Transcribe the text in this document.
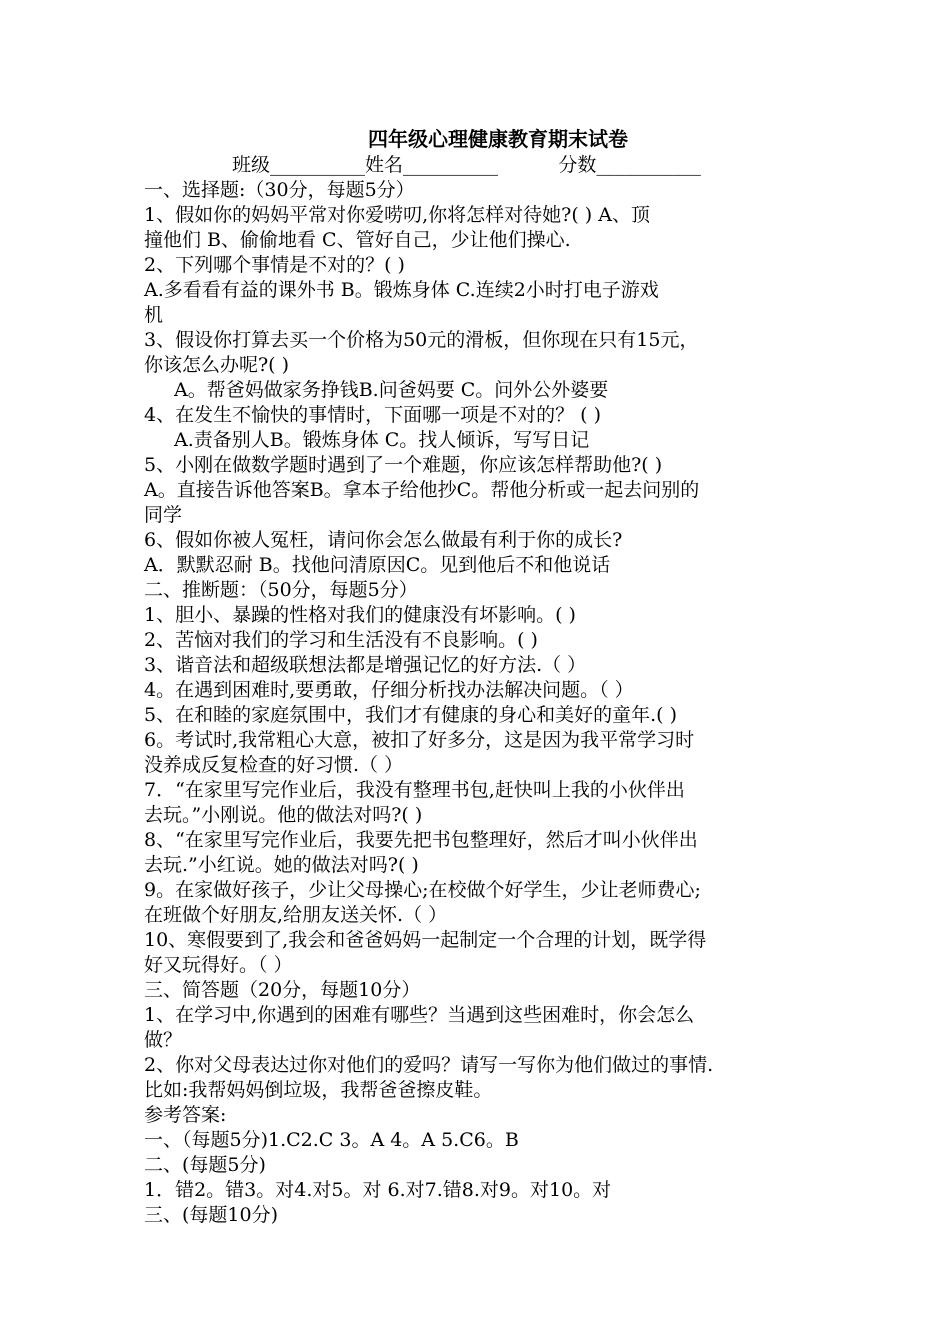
四年级心理健康教育期末试卷
班级__________姓名__________          分数___________
一、选择题:（30分，每题5分）
1、假如你的妈妈平常对你爱唠叨,你将怎样对待她?( ) A、顶
撞他们 B、偷偷地看 C、管好自己，少让他们操心.
2、下列哪个事情是不对的？( )
A.多看看有益的课外书 B。锻炼身体 C.连续2小时打电子游戏
机
3、假设你打算去买一个价格为50元的滑板，但你现在只有15元，
你该怎么办呢?( )
A。帮爸妈做家务挣钱B.问爸妈要 C。问外公外婆要
4、在发生不愉快的事情时，下面哪一项是不对的？ ( )
A.责备别人B。锻炼身体 C。找人倾诉，写写日记
5、小刚在做数学题时遇到了一个难题，你应该怎样帮助他?( )
A。直接告诉他答案B。拿本子给他抄C。帮他分析或一起去问别的
同学
6、假如你被人冤枉，请问你会怎么做最有利于你的成长?
A．默默忍耐 B。找他问清原因C。见到他后不和他说话
二、推断题：（50分，每题5分）
1、胆小、暴躁的性格对我们的健康没有坏影响。( )
2、苦恼对我们的学习和生活没有不良影响。( )
3、谐音法和超级联想法都是增强记忆的好方法.（ ）
4。在遇到困难时,要勇敢，仔细分析找办法解决问题。（ ）
5、在和睦的家庭氛围中，我们才有健康的身心和美好的童年.( )
6。考试时,我常粗心大意，被扣了好多分，这是因为我平常学习时
没养成反复检查的好习惯.（ ）
7．“在家里写完作业后，我没有整理书包,赶快叫上我的小伙伴出
去玩。”小刚说。他的做法对吗?( )
8、“在家里写完作业后，我要先把书包整理好，然后才叫小伙伴出
去玩.”小红说。她的做法对吗?( )
9。在家做好孩子，少让父母操心;在校做个好学生，少让老师费心;
在班做个好朋友,给朋友送关怀.（ ）
10、寒假要到了,我会和爸爸妈妈一起制定一个合理的计划，既学得
好又玩得好。（ ）
三、简答题（20分，每题10分）
1、在学习中,你遇到的困难有哪些？当遇到这些困难时，你会怎么
做？
2、你对父母表达过你对他们的爱吗？请写一写你为他们做过的事情.
比如:我帮妈妈倒垃圾，我帮爸爸擦皮鞋。
参考答案:
一、（每题5分)1.C2.C 3。A 4。A 5.C6。B
二、(每题5分)
1．错2。错3。对4.对5。对 6.对7.错8.对9。对10。对
三、(每题10分)
